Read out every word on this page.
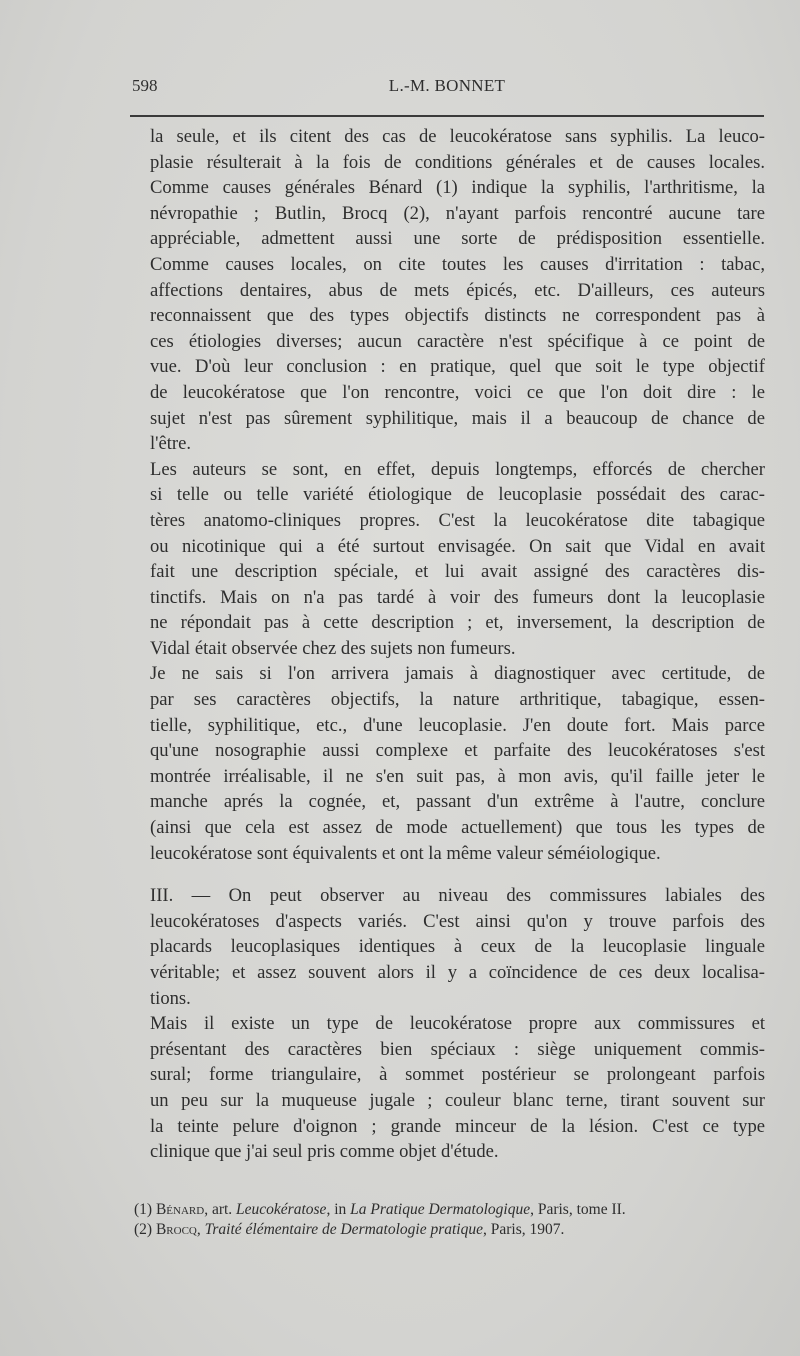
598	L.-M. BONNET
la seule, et ils citent des cas de leucokératose sans syphilis. La leuco-
plasie résulterait à la fois de conditions générales et de causes locales.
Comme causes générales Bénard (1) indique la syphilis, l'arthritisme, la
névropathie ; Butlin, Brocq (2), n'ayant parfois rencontré aucune tare
appréciable, admettent aussi une sorte de prédisposition essentielle.
Comme causes locales, on cite toutes les causes d'irritation : tabac,
affections dentaires, abus de mets épicés, etc. D'ailleurs, ces auteurs
reconnaissent que des types objectifs distincts ne correspondent pas à
ces étiologies diverses; aucun caractère n'est spécifique à ce point de
vue. D'où leur conclusion : en pratique, quel que soit le type objectif
de leucokératose que l'on rencontre, voici ce que l'on doit dire : le
sujet n'est pas sûrement syphilitique, mais il a beaucoup de chance de
l'être.
Les auteurs se sont, en effet, depuis longtemps, efforcés de chercher
si telle ou telle variété étiologique de leucoplasie possédait des carac-
tères anatomo-cliniques propres. C'est la leucokératose dite tabagique
ou nicotinique qui a été surtout envisagée. On sait que Vidal en avait
fait une description spéciale, et lui avait assigné des caractères dis-
tinctifs. Mais on n'a pas tardé à voir des fumeurs dont la leucoplasie
ne répondait pas à cette description ; et, inversement, la description de
Vidal était observée chez des sujets non fumeurs.
Je ne sais si l'on arrivera jamais à diagnostiquer avec certitude, de
par ses caractères objectifs, la nature arthritique, tabagique, essen-
tielle, syphilitique, etc., d'une leucoplasie. J'en doute fort. Mais parce
qu'une nosographie aussi complexe et parfaite des leucokératoses s'est
montrée irréalisable, il ne s'en suit pas, à mon avis, qu'il faille jeter le
manche aprés la cognée, et, passant d'un extrême à l'autre, conclure
(ainsi que cela est assez de mode actuellement) que tous les types de
leucokératose sont équivalents et ont la même valeur séméiologique.
III. — On peut observer au niveau des commissures labiales des
leucokératoses d'aspects variés. C'est ainsi qu'on y trouve parfois des
placards leucoplasiques identiques à ceux de la leucoplasie linguale
véritable; et assez souvent alors il y a coïncidence de ces deux localisa-
tions.
Mais il existe un type de leucokératose propre aux commissures et
présentant des caractères bien spéciaux : siège uniquement commis-
sural; forme triangulaire, à sommet postérieur se prolongeant parfois
un peu sur la muqueuse jugale ; couleur blanc terne, tirant souvent sur
la teinte pelure d'oignon ; grande minceur de la lésion. C'est ce type
clinique que j'ai seul pris comme objet d'étude.
(1) Bénard, art. Leucokératose, in La Pratique Dermatologique, Paris, tome II.
(2) Brocq, Traité élémentaire de Dermatologie pratique, Paris, 1907.
